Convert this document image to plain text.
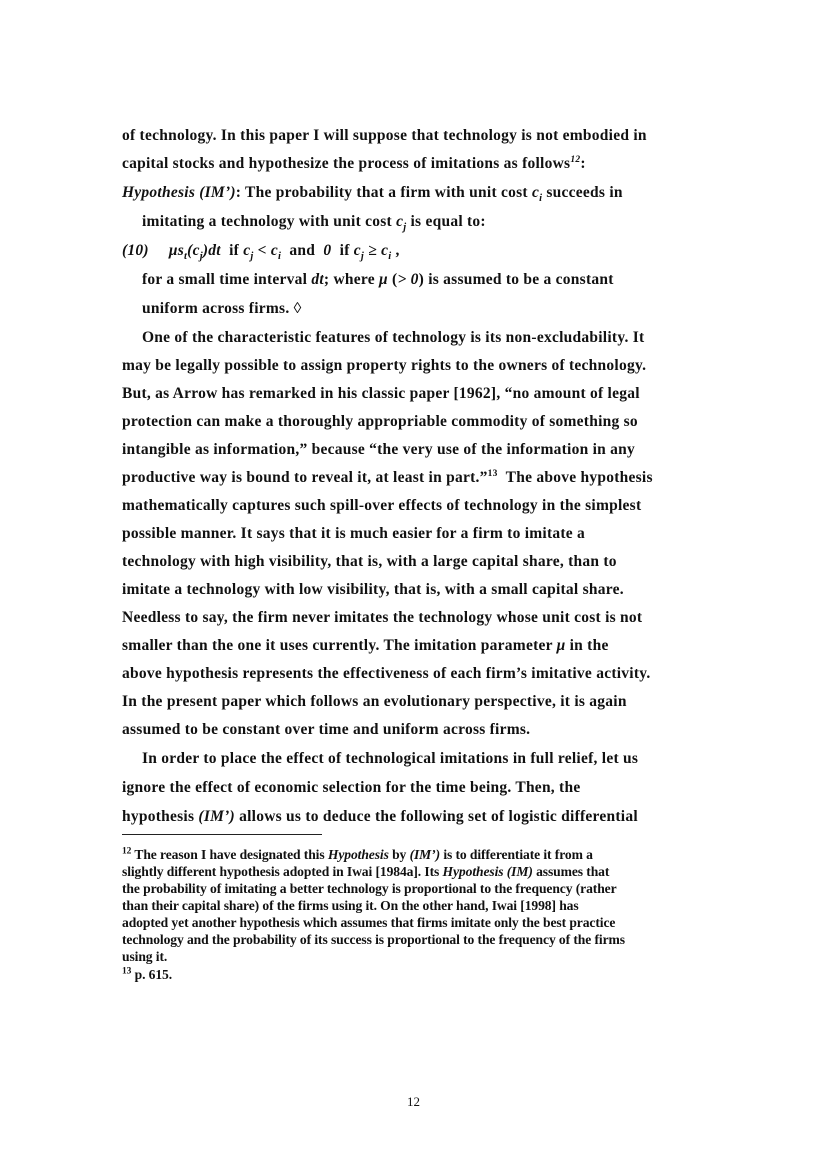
of technology. In this paper I will suppose that technology is not embodied in
capital stocks and hypothesize the process of imitations as follows$^{12}$:
Hypothesis (IM’): The probability that a firm with unit cost $c_i$ succeeds in
imitating a technology with unit cost $c_j$ is equal to:
(10) $\mu s_t(c_j)dt$  if $c_j < c_i$  and  0  if $c_j \ge c_i$ ,
for a small time interval dt; where μ (> 0) is assumed to be a constant
uniform across firms. ◊
One of the characteristic features of technology is its non-excludability. It
may be legally possible to assign property rights to the owners of technology.
But, as Arrow has remarked in his classic paper [1962], “no amount of legal
protection can make a thoroughly appropriable commodity of something so
intangible as information,” because “the very use of the information in any
productive way is bound to reveal it, at least in part.”$^{13}$  The above hypothesis
mathematically captures such spill-over effects of technology in the simplest
possible manner. It says that it is much easier for a firm to imitate a
technology with high visibility, that is, with a large capital share, than to
imitate a technology with low visibility, that is, with a small capital share.
Needless to say, the firm never imitates the technology whose unit cost is not
smaller than the one it uses currently. The imitation parameter μ in the
above hypothesis represents the effectiveness of each firm’s imitative activity.
In the present paper which follows an evolutionary perspective, it is again
assumed to be constant over time and uniform across firms.
In order to place the effect of technological imitations in full relief, let us
ignore the effect of economic selection for the time being. Then, the
hypothesis (IM’) allows us to deduce the following set of logistic differential
$^{12}$ The reason I have designated this Hypothesis by (IM’) is to differentiate it from a
slightly different hypothesis adopted in Iwai [1984a]. Its Hypothesis (IM) assumes that
the probability of imitating a better technology is proportional to the frequency (rather
than their capital share) of the firms using it. On the other hand, Iwai [1998] has
adopted yet another hypothesis which assumes that firms imitate only the best practice
technology and the probability of its success is proportional to the frequency of the firms
using it.
$^{13}$ p. 615.
12
